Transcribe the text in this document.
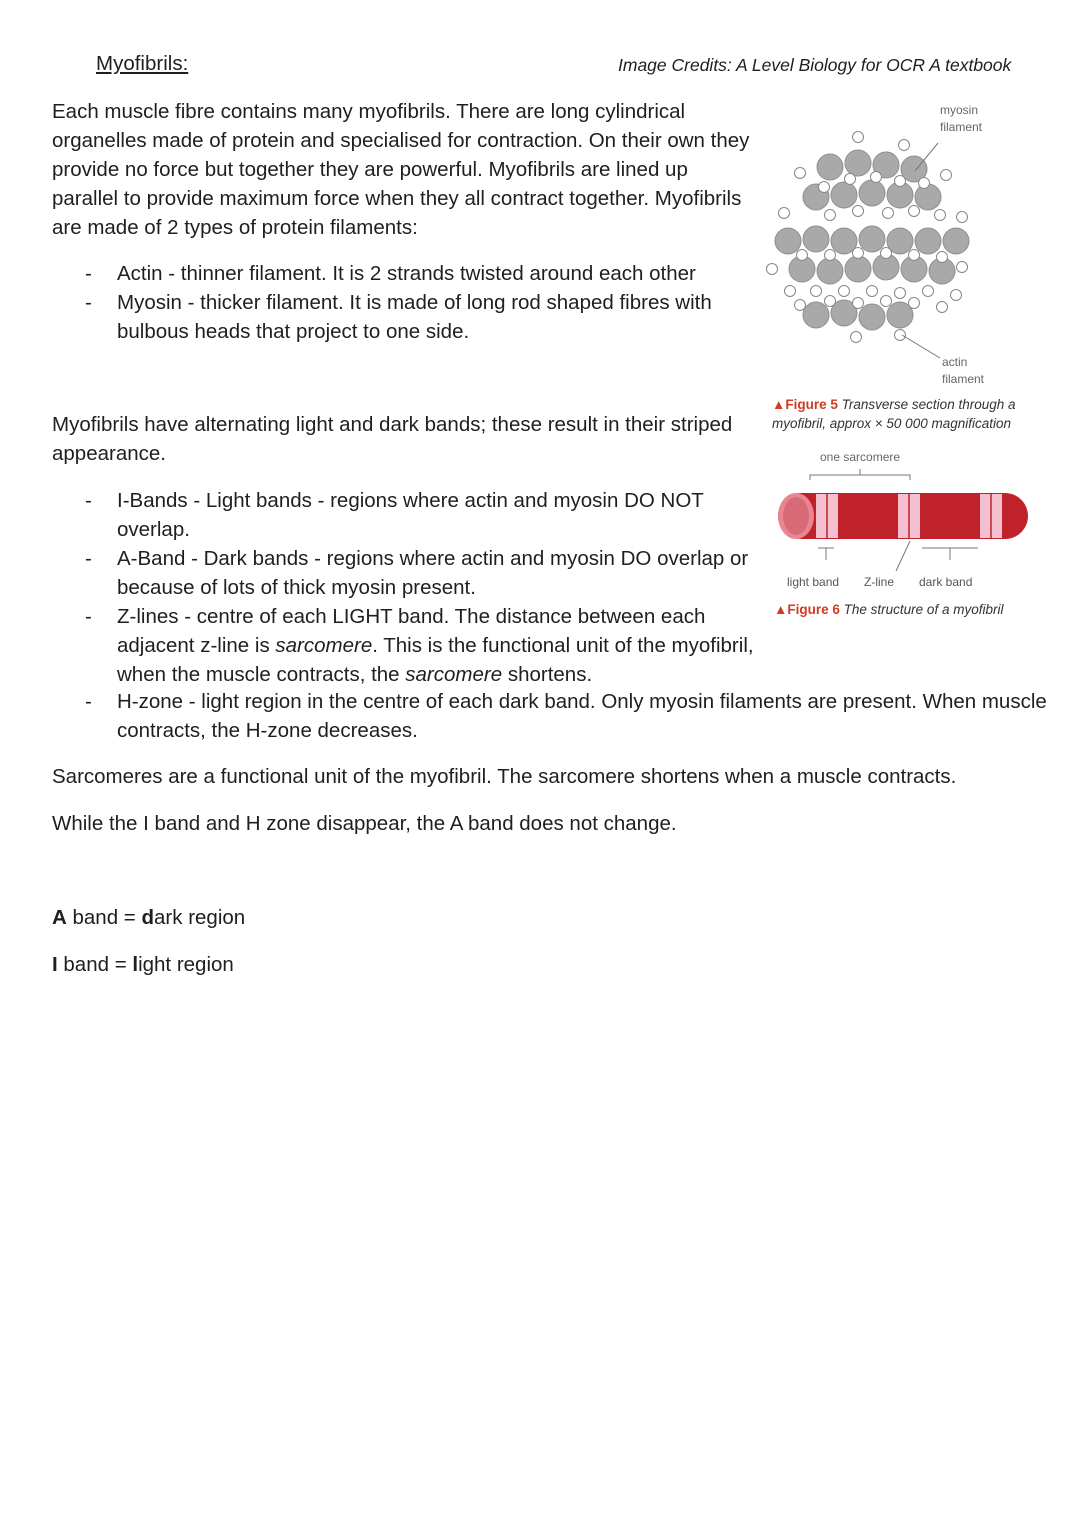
Myofibrils:	Image Credits: A Level Biology for OCR A textbook
Each muscle fibre contains many myofibrils. There are long cylindrical organelles made of protein and specialised for contraction. On their own they provide no force but together they are powerful. Myofibrils are lined up parallel to provide maximum force when they all contract together. Myofibrils are made of 2 types of protein filaments:
- Actin - thinner filament. It is 2 strands twisted around each other
- Myosin - thicker filament. It is made of long rod shaped fibres with bulbous heads that project to one side.
Myofibrils have alternating light and dark bands; these result in their striped appearance.
- I-Bands - Light bands - regions where actin and myosin DO NOT overlap.
- A-Band - Dark bands - regions where actin and myosin DO overlap or because of lots of thick myosin present.
- Z-lines - centre of each LIGHT band. The distance between each adjacent z-line is sarcomere. This is the functional unit of the myofibril, when the muscle contracts, the sarcomere shortens.
- H-zone - light region in the centre of each dark band. Only myosin filaments are present. When muscle contracts, the H-zone decreases.
Sarcomeres are a functional unit of the myofibril. The sarcomere shortens when a muscle contracts.
While the I band and H zone disappear, the A band does not change.
A band = dark region
I band = light region
myosin
filament
actin
filament
▲Figure 5 Transverse section through a
myofibril, approx × 50 000 magnification
one sarcomere
light band Z-line dark band
▲Figure 6 The structure of a myofibril
